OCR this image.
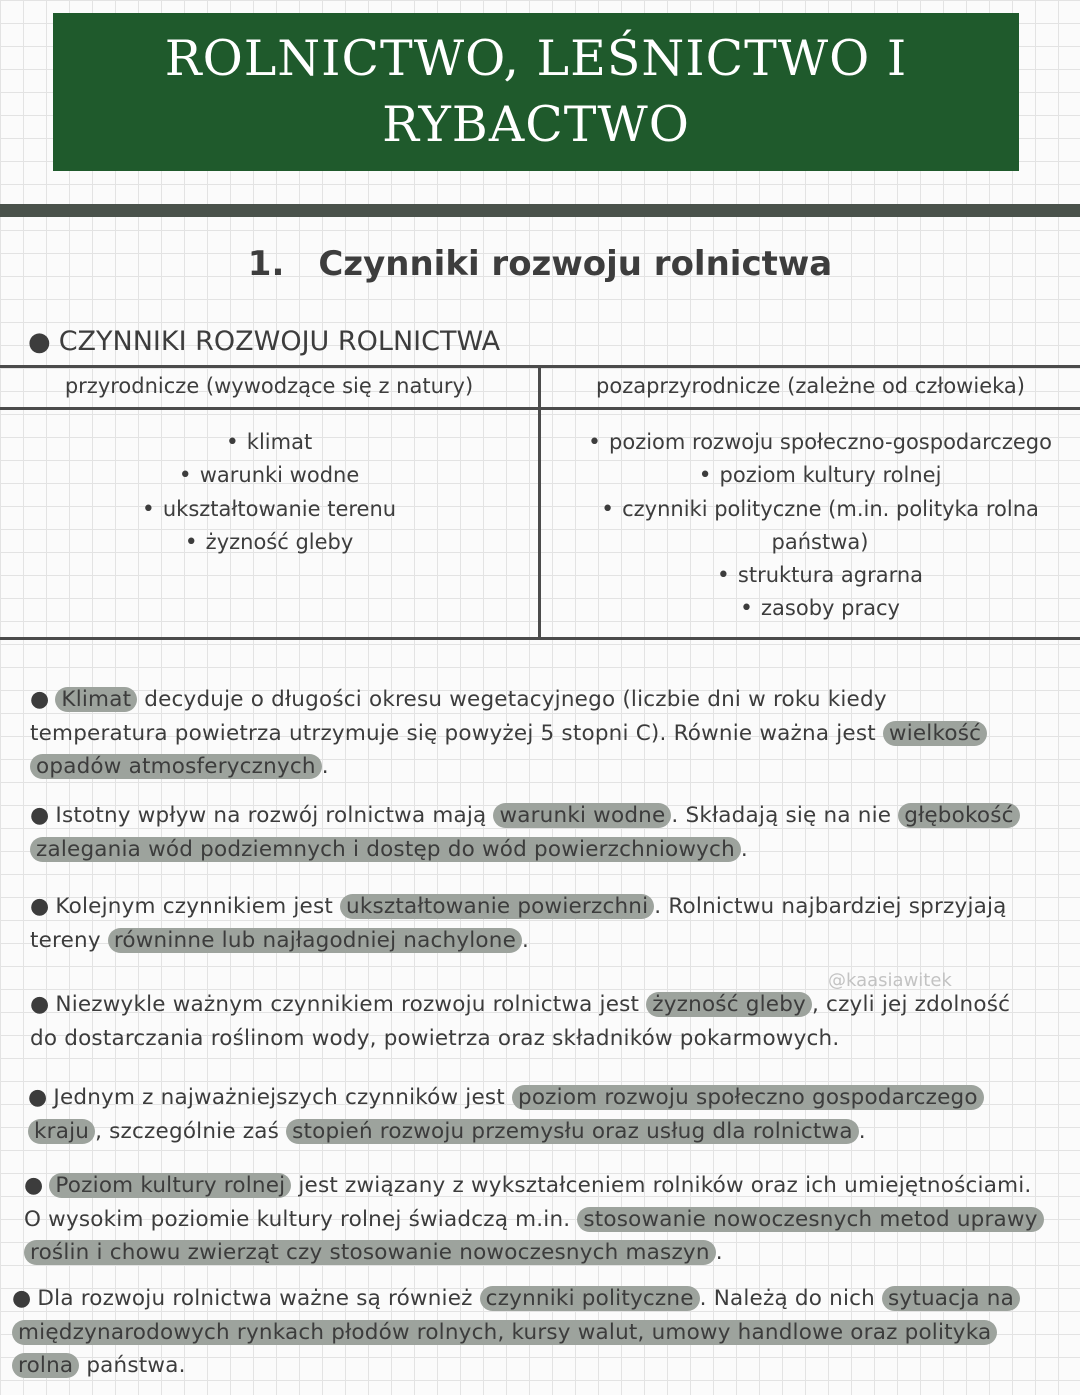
ROLNICTWO, LEŚNICTWO I RYBACTWO
1. Czynniki rozwoju rolnictwa
● CZYNNIKI ROZWOJU ROLNICTWA
przyrodnicze (wywodzące się z natury)	pozaprzyrodnicze (zależne od człowieka)
• klimat
• warunki wodne
• ukształtowanie terenu
• żyzność gleby
• poziom rozwoju społeczno-gospodarczego
• poziom kultury rolnej
• czynniki polityczne (m.in. polityka rolna państwa)
• struktura agrarna
• zasoby pracy

● Klimat decyduje o długości okresu wegetacyjnego (liczbie dni w roku kiedy temperatura powietrza utrzymuje się powyżej 5 stopni C). Równie ważna jest wielkość opadów atmosferycznych .

● Istotny wpływ na rozwój rolnictwa mają warunki wodne . Składają się na nie głębokość zalegania wód podziemnych i dostęp do wód powierzchniowych .

● Kolejnym czynnikiem jest ukształtowanie powierzchni . Rolnictwu najbardziej sprzyjają tereny równinne lub najłagodniej nachylone .

@kaasiawitek

● Niezwykle ważnym czynnikiem rozwoju rolnictwa jest żyzność gleby , czyli jej zdolność do dostarczania roślinom wody, powietrza oraz składników pokarmowych.

● Jednym z najważniejszych czynników jest poziom rozwoju społeczno gospodarczego kraju , szczególnie zaś stopień rozwoju przemysłu oraz usług dla rolnictwa .

● Poziom kultury rolnej jest związany z wykształceniem rolników oraz ich umiejętnościami. O wysokim poziomie kultury rolnej świadczą m.in. stosowanie nowoczesnych metod uprawy roślin i chowu zwierząt czy stosowanie nowoczesnych maszyn .

● Dla rozwoju rolnictwa ważne są również czynniki polityczne . Należą do nich sytuacja na międzynarodowych rynkach płodów rolnych, kursy walut, umowy handlowe oraz polityka rolna państwa.
